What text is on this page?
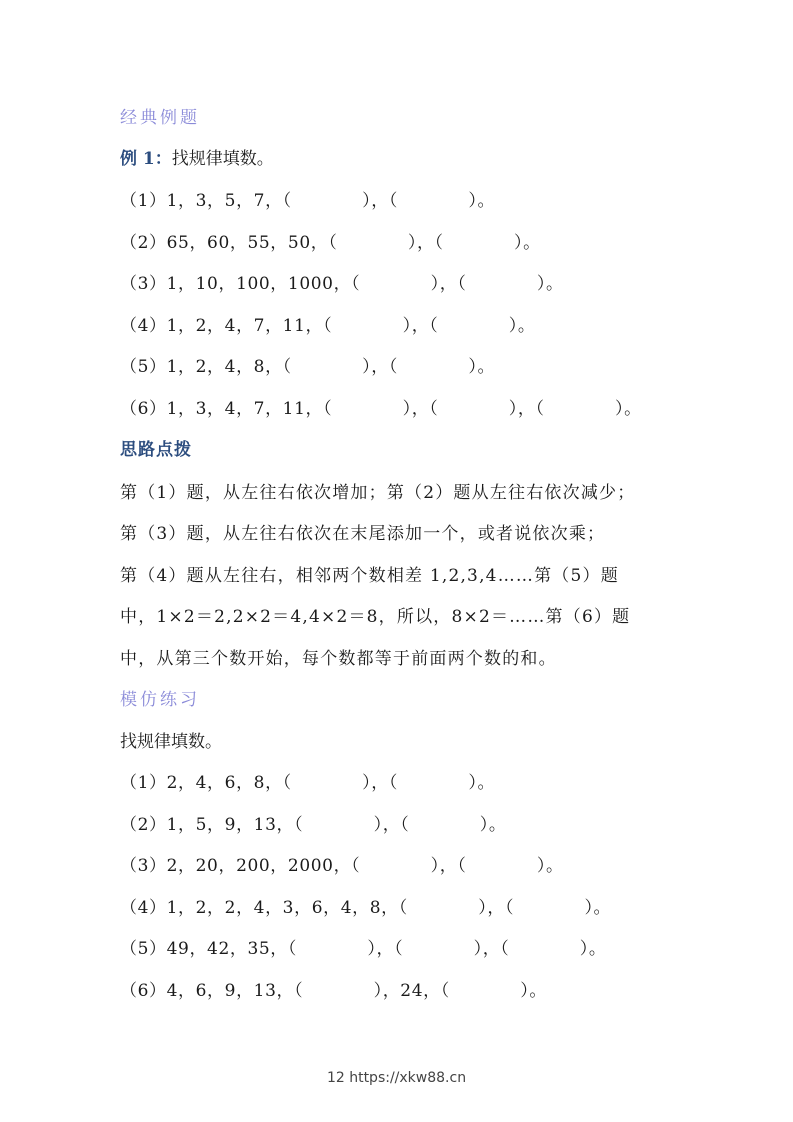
经典例题
例 1：找规律填数。
（1）1，3，5，7，（　　　　），（　　　　）。
（2）65，60，55，50，（　　　　），（　　　　）。
（3）1，10，100，1000，（　　　　），（　　　　）。
（4）1，2，4，7，11，（　　　　），（　　　　）。
（5）1，2，4，8，（　　　　），（　　　　）。
（6）1，3，4，7，11，（　　　　），（　　　　），（　　　　）。
思路点拨
第（1）题，从左往右依次增加；第（2）题从左往右依次减少；
第（3）题，从左往右依次在末尾添加一个，或者说依次乘；
第（4）题从左往右，相邻两个数相差 1,2,3,4……第（5）题
中，1×2＝2,2×2＝4,4×2＝8，所以，8×2＝……第（6）题
中，从第三个数开始，每个数都等于前面两个数的和。
模仿练习
找规律填数。
（1）2，4，6，8，（　　　　），（　　　　）。
（2）1，5，9，13，（　　　　），（　　　　）。
（3）2，20，200，2000，（　　　　），（　　　　）。
（4）1，2，2，4，3，6，4，8，（　　　　），（　　　　）。
（5）49，42，35，（　　　　），（　　　　），（　　　　）。
（6）4，6，9，13，（　　　　），24，（　　　　）。
12 https://xkw88.cn
